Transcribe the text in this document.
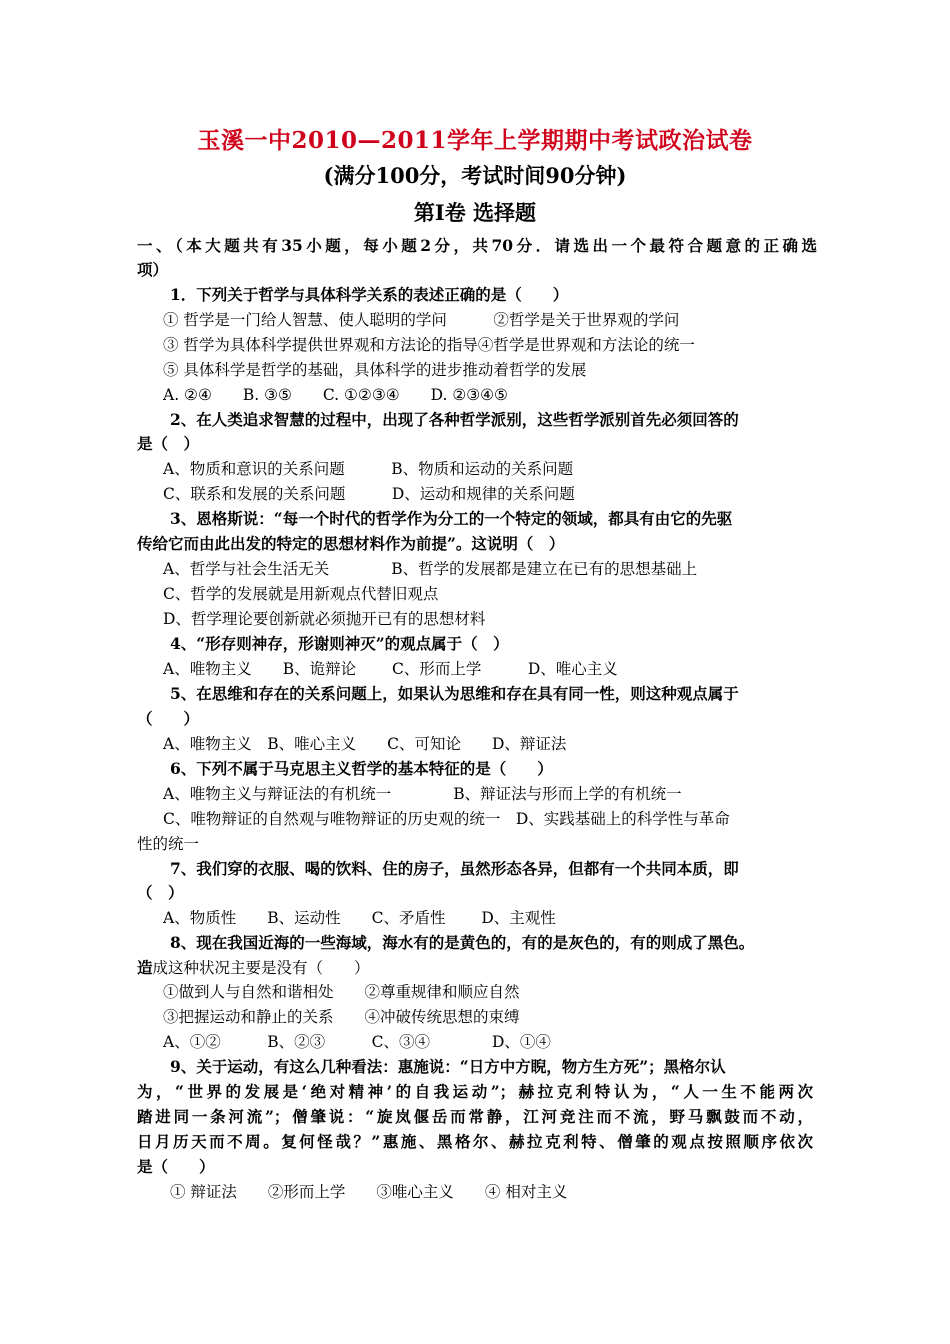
玉溪一中2010—2011学年上学期期中考试政治试卷
(满分100分，考试时间90分钟)
第I卷 选择题
一、（本大题共有35小题，每小题2分，共70分．请选出一个最符合题意的正确选
项）
1．下列关于哲学与具体科学关系的表述正确的是（　　）
① 哲学是一门给人智慧、使人聪明的学问　　　②哲学是关于世界观的学问
③ 哲学为具体科学提供世界观和方法论的指导④哲学是世界观和方法论的统一
⑤ 具体科学是哲学的基础，具体科学的进步推动着哲学的发展
A. ②④　　B. ③⑤　　C. ①②③④　　D. ②③④⑤
2、在人类追求智慧的过程中，出现了各种哲学派别，这些哲学派别首先必须回答的
是（　）
A、物质和意识的关系问题　　　B、物质和运动的关系问题
C、联系和发展的关系问题　　　D、运动和规律的关系问题
3、恩格斯说：“每一个时代的哲学作为分工的一个特定的领域，都具有由它的先驱
传给它而由此出发的特定的思想材料作为前提”。这说明（　）
A、哲学与社会生活无关　　　　B、哲学的发展都是建立在已有的思想基础上
C、哲学的发展就是用新观点代替旧观点
D、哲学理论要创新就必须抛开已有的思想材料
4、“形存则神存，形谢则神灭”的观点属于（　）
A、唯物主义　　B、诡辩论　　 C、形而上学　　　D、唯心主义
5、在思维和存在的关系问题上，如果认为思维和存在具有同一性，则这种观点属于
（　　）
A、唯物主义　B、唯心主义　　C、可知论　　D、辩证法
6、下列不属于马克思主义哲学的基本特征的是（　　）
A、唯物主义与辩证法的有机统一　　　　B、辩证法与形而上学的有机统一
C、唯物辩证的自然观与唯物辩证的历史观的统一　D、实践基础上的科学性与革命
性的统一
7、我们穿的衣服、喝的饮料、住的房子，虽然形态各异，但都有一个共同本质，即
（　）
A、物质性　　B、运动性　　C、矛盾性　　 D、主观性
8、现在我国近海的一些海域，海水有的是黄色的，有的是灰色的，有的则成了黑色。
造成这种状况主要是没有（　　）
①做到人与自然和谐相处　　②尊重规律和顺应自然
③把握运动和静止的关系　　④冲破传统思想的束缚
A、①②　　　B、②③　　　C、③④　　　　D、①④
9、关于运动，有这么几种看法：惠施说：“日方中方睨，物方生方死”；黑格尔认
为，“世界的发展是‘绝对精神’的自我运动”；赫拉克利特认为，“人一生不能两次
踏进同一条河流”；僧肇说：“旋岚偃岳而常静，江河竞注而不流，野马飘鼓而不动，
日月历天而不周。复何怪哉？”惠施、黑格尔、赫拉克利特、僧肇的观点按照顺序依次
是（　　）
① 辩证法　　②形而上学　　③唯心主义　　④ 相对主义
